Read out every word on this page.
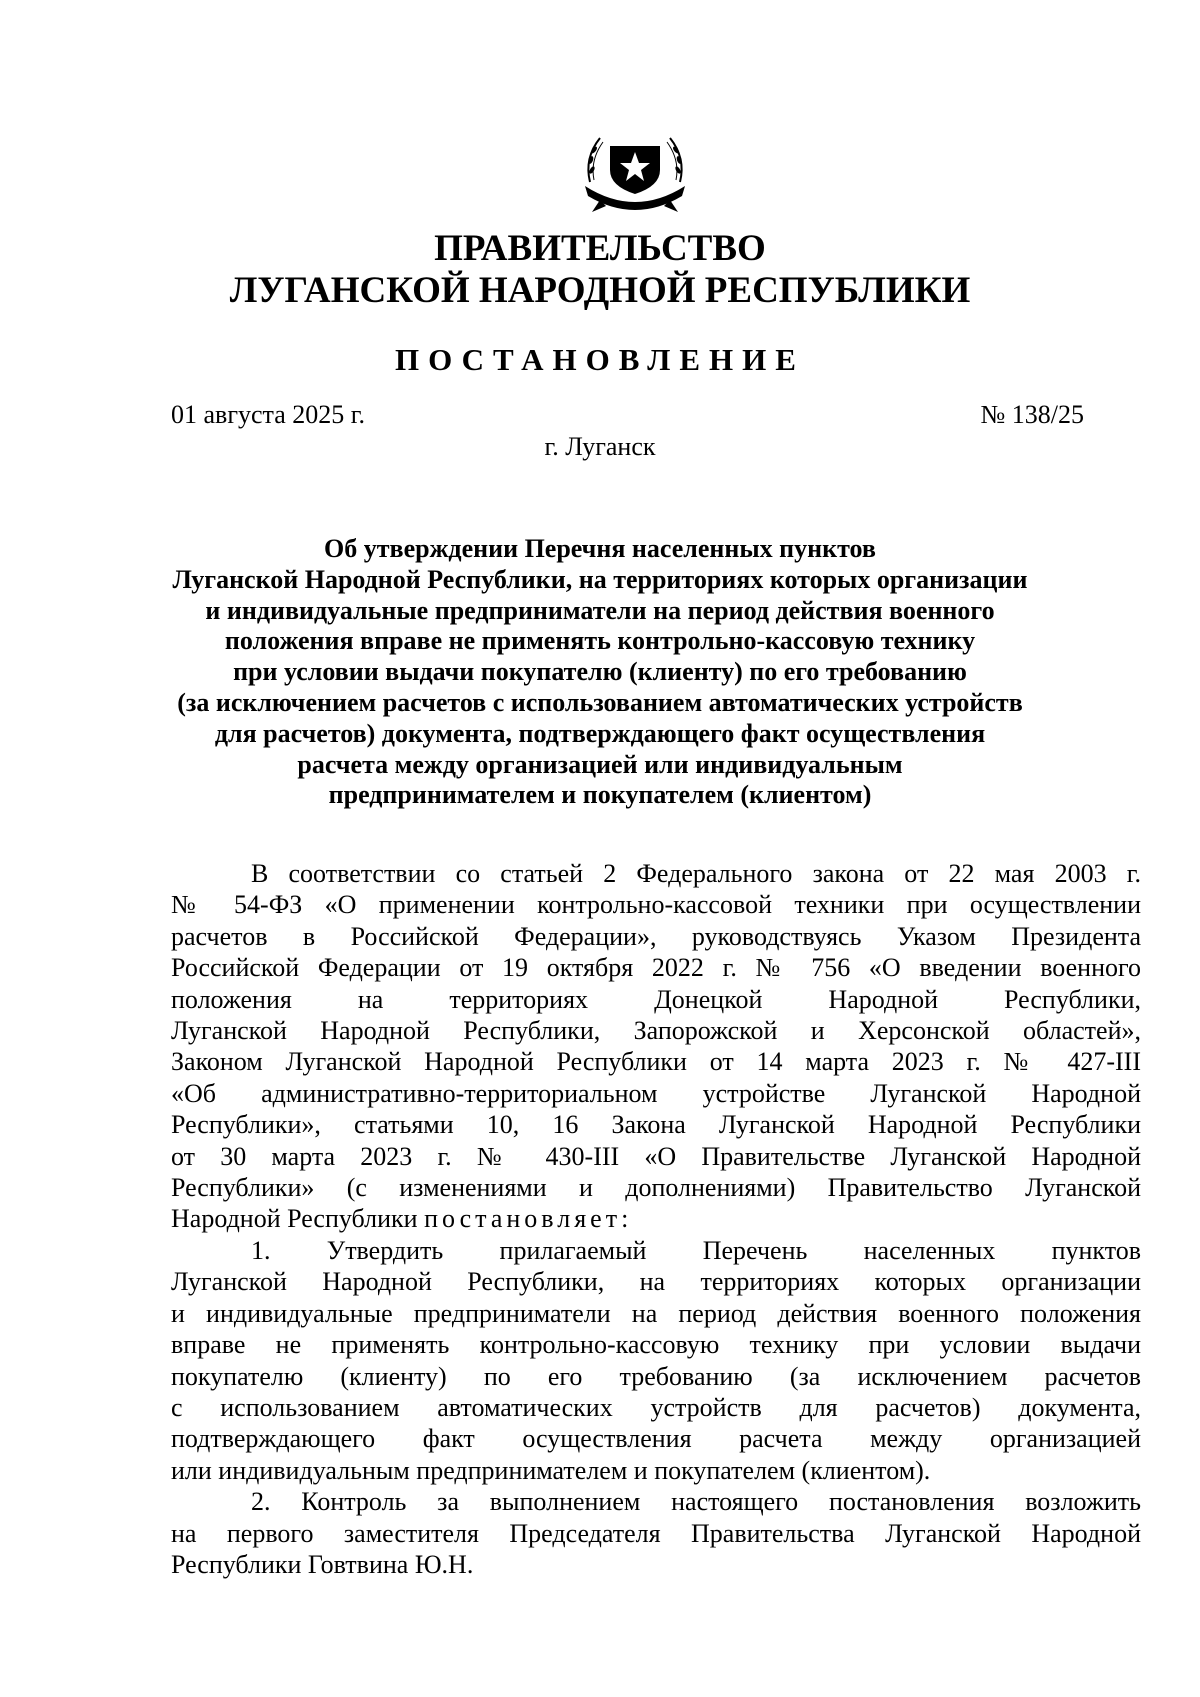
ПРАВИТЕЛЬСТВО
ЛУГАНСКОЙ НАРОДНОЙ РЕСПУБЛИКИ
ПОСТАНОВЛЕНИЕ
01 августа 2025 г.	№ 138/25
г. Луганск
Об утверждении Перечня населенных пунктов
Луганской Народной Республики, на территориях которых организации
и индивидуальные предприниматели на период действия военного
положения вправе не применять контрольно-кассовую технику
при условии выдачи покупателю (клиенту) по его требованию
(за исключением расчетов с использованием автоматических устройств
для расчетов) документа, подтверждающего факт осуществления
расчета между организацией или индивидуальным
предпринимателем и покупателем (клиентом)
В соответствии со статьей 2 Федерального закона от 22 мая 2003 г.
№ 54-ФЗ «О применении контрольно-кассовой техники при осуществлении
расчетов в Российской Федерации», руководствуясь Указом Президента
Российской Федерации от 19 октября 2022 г. № 756 «О введении военного
положения на территориях Донецкой Народной Республики,
Луганской Народной Республики, Запорожской и Херсонской областей»,
Законом Луганской Народной Республики от 14 марта 2023 г. № 427-III
«Об административно-территориальном устройстве Луганской Народной
Республики», статьями 10, 16 Закона Луганской Народной Республики
от 30 марта 2023 г. № 430-III «О Правительстве Луганской Народной
Республики» (с изменениями и дополнениями) Правительство Луганской
Народной Республики постановляет:
1. Утвердить прилагаемый Перечень населенных пунктов
Луганской Народной Республики, на территориях которых организации
и индивидуальные предприниматели на период действия военного положения
вправе не применять контрольно-кассовую технику при условии выдачи
покупателю (клиенту) по его требованию (за исключением расчетов
с использованием автоматических устройств для расчетов) документа,
подтверждающего факт осуществления расчета между организацией
или индивидуальным предпринимателем и покупателем (клиентом).
2. Контроль за выполнением настоящего постановления возложить
на первого заместителя Председателя Правительства Луганской Народной
Республики Говтвина Ю.Н.
